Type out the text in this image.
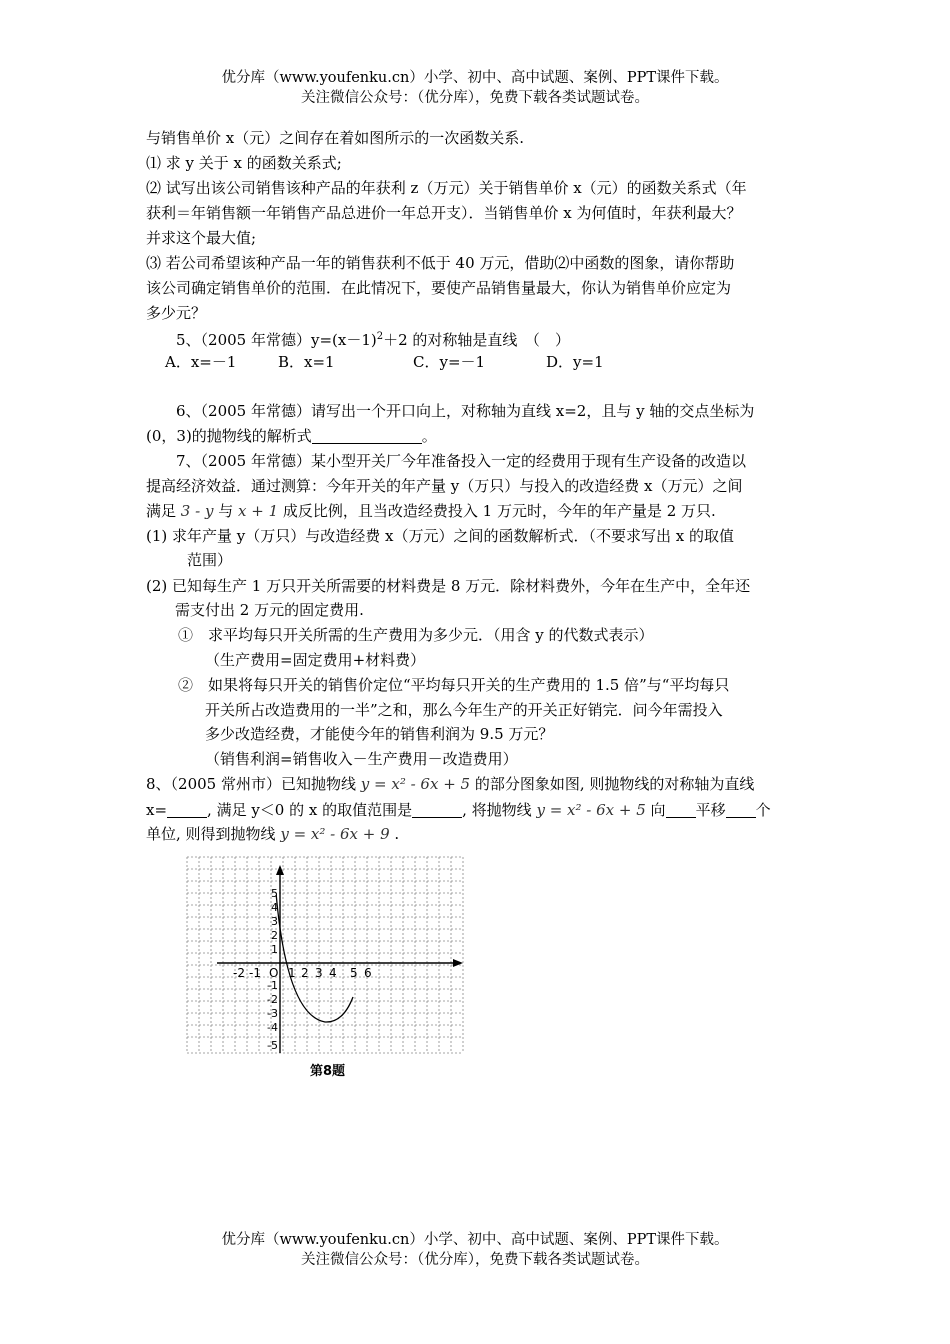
优分库（www.youfenku.cn）小学、初中、高中试题、案例、PPT课件下载。
关注微信公众号：（优分库），免费下载各类试题试卷。
与销售单价 x（元）之间存在着如图所示的一次函数关系.
⑴ 求 y 关于 x 的函数关系式;
⑵ 试写出该公司销售该种产品的年获利 z（万元）关于销售单价 x（元）的函数关系式（年
获利＝年销售额一年销售产品总进价一年总开支）．当销售单价 x 为何值时，年获利最大？
并求这个最大值;
⑶ 若公司希望该种产品一年的销售获利不低于 40 万元，借助⑵中函数的图象，请你帮助
该公司确定销售单价的范围．在此情况下，要使产品销售量最大，你认为销售单价应定为
多少元？
5、（2005 年常德）$y=(x-1)^2+2$ 的对称轴是直线　（　）
A．x=－1	B．x=1	C．y=－1	D．y=1
6、（2005 年常德）请写出一个开口向上，对称轴为直线 x=2，且与 y 轴的交点坐标为
(0，3)的抛物线的解析式	。
7、（2005 年常德）某小型开关厂今年准备投入一定的经费用于现有生产设备的改造以
提高经济效益．通过测算：今年开关的年产量 y（万只）与投入的改造经费 x（万元）之间
满足 3 - y 与 x + 1 成反比例，且当改造经费投入 1 万元时，今年的年产量是 2 万只.
(1) 求年产量 y（万只）与改造经费 x（万元）之间的函数解析式．（不要求写出 x 的取值
范围）
(2) 已知每生产 1 万只开关所需要的材料费是 8 万元．除材料费外，今年在生产中，全年还
需支付出 2 万元的固定费用.
①　求平均每只开关所需的生产费用为多少元．（用含 y 的代数式表示）
（生产费用=固定费用+材料费）
②　如果将每只开关的销售价定位“平均每只开关的生产费用的 1.5 倍”与“平均每只
开关所占改造费用的一半”之和，那么今年生产的开关正好销完．问今年需投入
多少改造经费，才能使今年的销售利润为 9.5 万元？
（销售利润=销售收入－生产费用－改造费用）
8、（2005 常州市）已知抛物线 y = x² - 6x + 5 的部分图象如图, 则抛物线的对称轴为直线
x=	, 满足 y＜0 的 x 的取值范围是	, 将抛物线 y = x² - 6x + 5 向 平移 个
单位, 则得到抛物线 y = x² - 6x + 9 .
-2 -1 O 1 2 3 4 5 6
5
4
3
2
1
-1
-2
-3
-4
-5
第8题
优分库（www.youfenku.cn）小学、初中、高中试题、案例、PPT课件下载。
关注微信公众号：（优分库），免费下载各类试题试卷。
